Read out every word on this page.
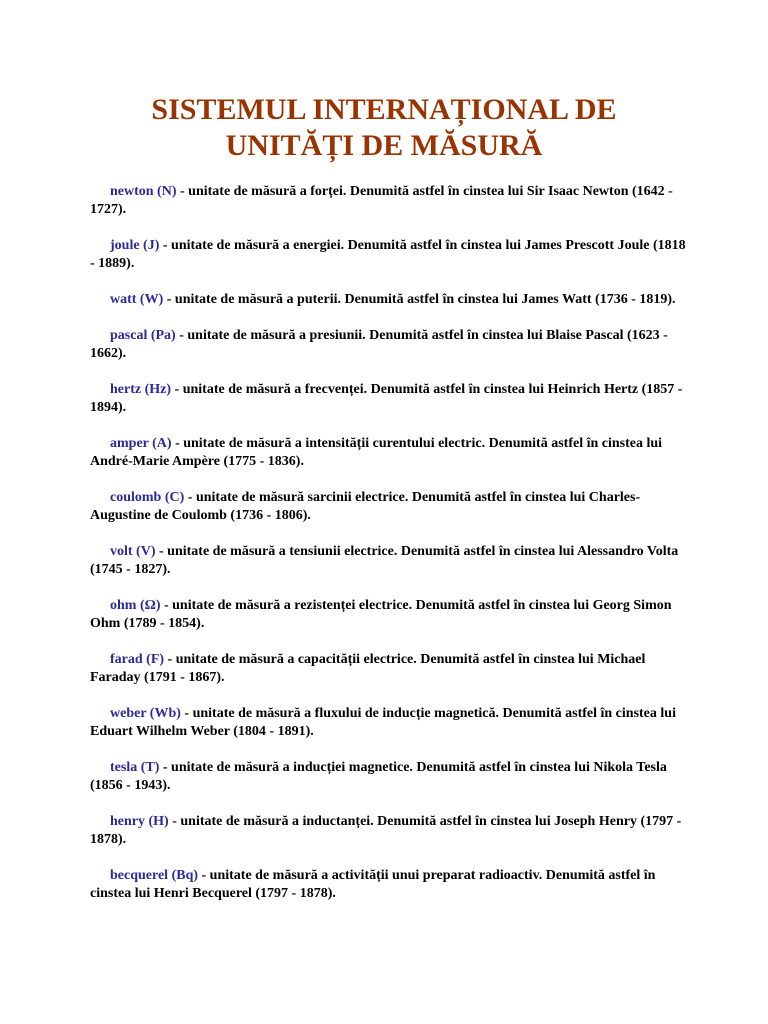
SISTEMUL INTERNAȚIONAL DE
UNITĂȚI DE MĂSURĂ

newton (N) - unitate de măsură a forței. Denumită astfel în cinstea lui Sir Isaac Newton (1642 - 1727).

joule (J) - unitate de măsură a energiei. Denumită astfel în cinstea lui James Prescott Joule (1818 - 1889).

watt (W) - unitate de măsură a puterii. Denumită astfel în cinstea lui James Watt (1736 - 1819).

pascal (Pa) - unitate de măsură a presiunii. Denumită astfel în cinstea lui Blaise Pascal (1623 - 1662).

hertz (Hz) - unitate de măsură a frecvenței. Denumită astfel în cinstea lui Heinrich Hertz (1857 - 1894).

amper (A) - unitate de măsură a intensității curentului electric. Denumită astfel în cinstea lui André-Marie Ampère (1775 - 1836).

coulomb (C) - unitate de măsură sarcinii electrice. Denumită astfel în cinstea lui Charles-Augustine de Coulomb (1736 - 1806).

volt (V) - unitate de măsură a tensiunii electrice. Denumită astfel în cinstea lui Alessandro Volta (1745 - 1827).

ohm (Ω) - unitate de măsură a rezistenței electrice. Denumită astfel în cinstea lui Georg Simon Ohm (1789 - 1854).

farad (F) - unitate de măsură a capacității electrice. Denumită astfel în cinstea lui Michael Faraday (1791 - 1867).

weber (Wb) - unitate de măsură a fluxului de inducție magnetică. Denumită astfel în cinstea lui Eduart Wilhelm Weber (1804 - 1891).

tesla (T) - unitate de măsură a inducției magnetice. Denumită astfel în cinstea lui Nikola Tesla (1856 - 1943).

henry (H) - unitate de măsură a inductanței. Denumită astfel în cinstea lui Joseph Henry (1797 - 1878).

becquerel (Bq) - unitate de măsură a activității unui preparat radioactiv. Denumită astfel în cinstea lui Henri Becquerel (1797 - 1878).
